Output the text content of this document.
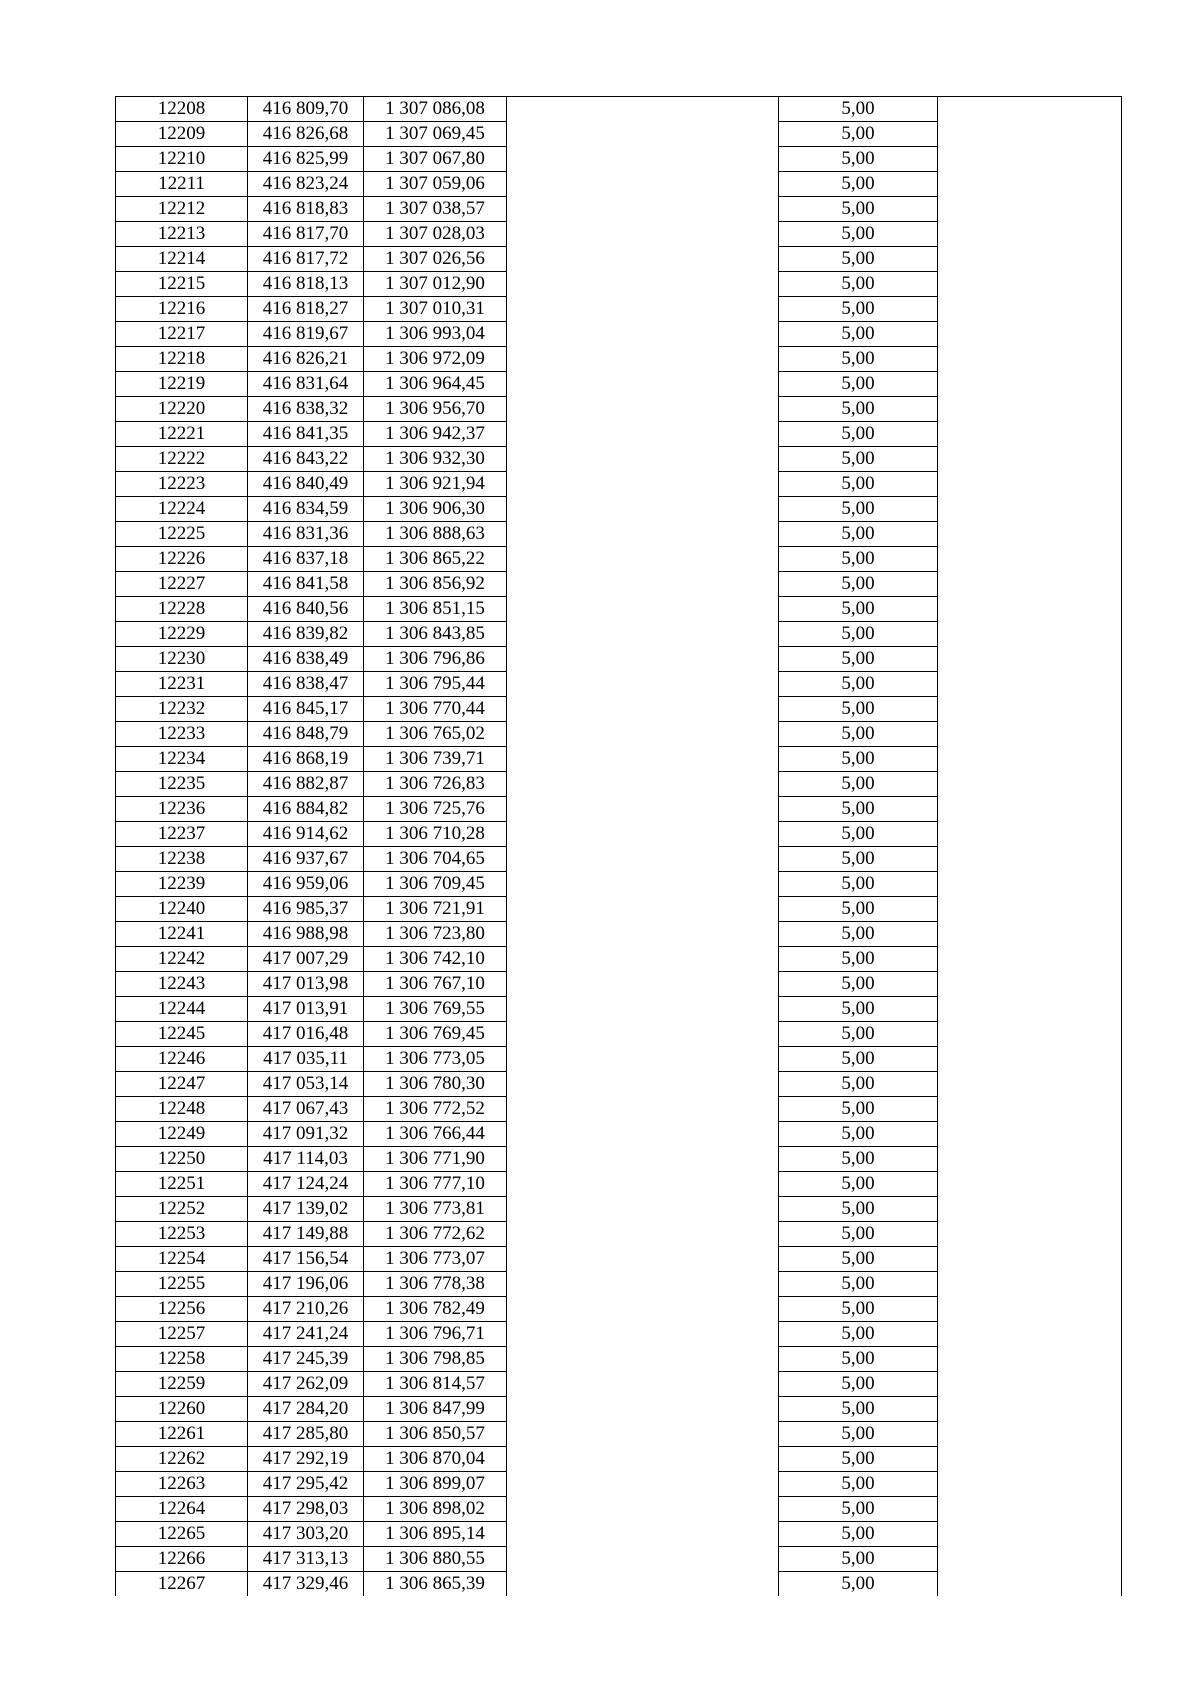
12208	416 809,70	1 307 086,08		5,00	
12209	416 826,68	1 307 069,45		5,00	
12210	416 825,99	1 307 067,80		5,00	
12211	416 823,24	1 307 059,06		5,00	
12212	416 818,83	1 307 038,57		5,00	
12213	416 817,70	1 307 028,03		5,00	
12214	416 817,72	1 307 026,56		5,00	
12215	416 818,13	1 307 012,90		5,00	
12216	416 818,27	1 307 010,31		5,00	
12217	416 819,67	1 306 993,04		5,00	
12218	416 826,21	1 306 972,09		5,00	
12219	416 831,64	1 306 964,45		5,00	
12220	416 838,32	1 306 956,70		5,00	
12221	416 841,35	1 306 942,37		5,00	
12222	416 843,22	1 306 932,30		5,00	
12223	416 840,49	1 306 921,94		5,00	
12224	416 834,59	1 306 906,30		5,00	
12225	416 831,36	1 306 888,63		5,00	
12226	416 837,18	1 306 865,22		5,00	
12227	416 841,58	1 306 856,92		5,00	
12228	416 840,56	1 306 851,15		5,00	
12229	416 839,82	1 306 843,85		5,00	
12230	416 838,49	1 306 796,86		5,00	
12231	416 838,47	1 306 795,44		5,00	
12232	416 845,17	1 306 770,44		5,00	
12233	416 848,79	1 306 765,02		5,00	
12234	416 868,19	1 306 739,71		5,00	
12235	416 882,87	1 306 726,83		5,00	
12236	416 884,82	1 306 725,76		5,00	
12237	416 914,62	1 306 710,28		5,00	
12238	416 937,67	1 306 704,65		5,00	
12239	416 959,06	1 306 709,45		5,00	
12240	416 985,37	1 306 721,91		5,00	
12241	416 988,98	1 306 723,80		5,00	
12242	417 007,29	1 306 742,10		5,00	
12243	417 013,98	1 306 767,10		5,00	
12244	417 013,91	1 306 769,55		5,00	
12245	417 016,48	1 306 769,45		5,00	
12246	417 035,11	1 306 773,05		5,00	
12247	417 053,14	1 306 780,30		5,00	
12248	417 067,43	1 306 772,52		5,00	
12249	417 091,32	1 306 766,44		5,00	
12250	417 114,03	1 306 771,90		5,00	
12251	417 124,24	1 306 777,10		5,00	
12252	417 139,02	1 306 773,81		5,00	
12253	417 149,88	1 306 772,62		5,00	
12254	417 156,54	1 306 773,07		5,00	
12255	417 196,06	1 306 778,38		5,00	
12256	417 210,26	1 306 782,49		5,00	
12257	417 241,24	1 306 796,71		5,00	
12258	417 245,39	1 306 798,85		5,00	
12259	417 262,09	1 306 814,57		5,00	
12260	417 284,20	1 306 847,99		5,00	
12261	417 285,80	1 306 850,57		5,00	
12262	417 292,19	1 306 870,04		5,00	
12263	417 295,42	1 306 899,07		5,00	
12264	417 298,03	1 306 898,02		5,00	
12265	417 303,20	1 306 895,14		5,00	
12266	417 313,13	1 306 880,55		5,00	
12267	417 329,46	1 306 865,39		5,00	
